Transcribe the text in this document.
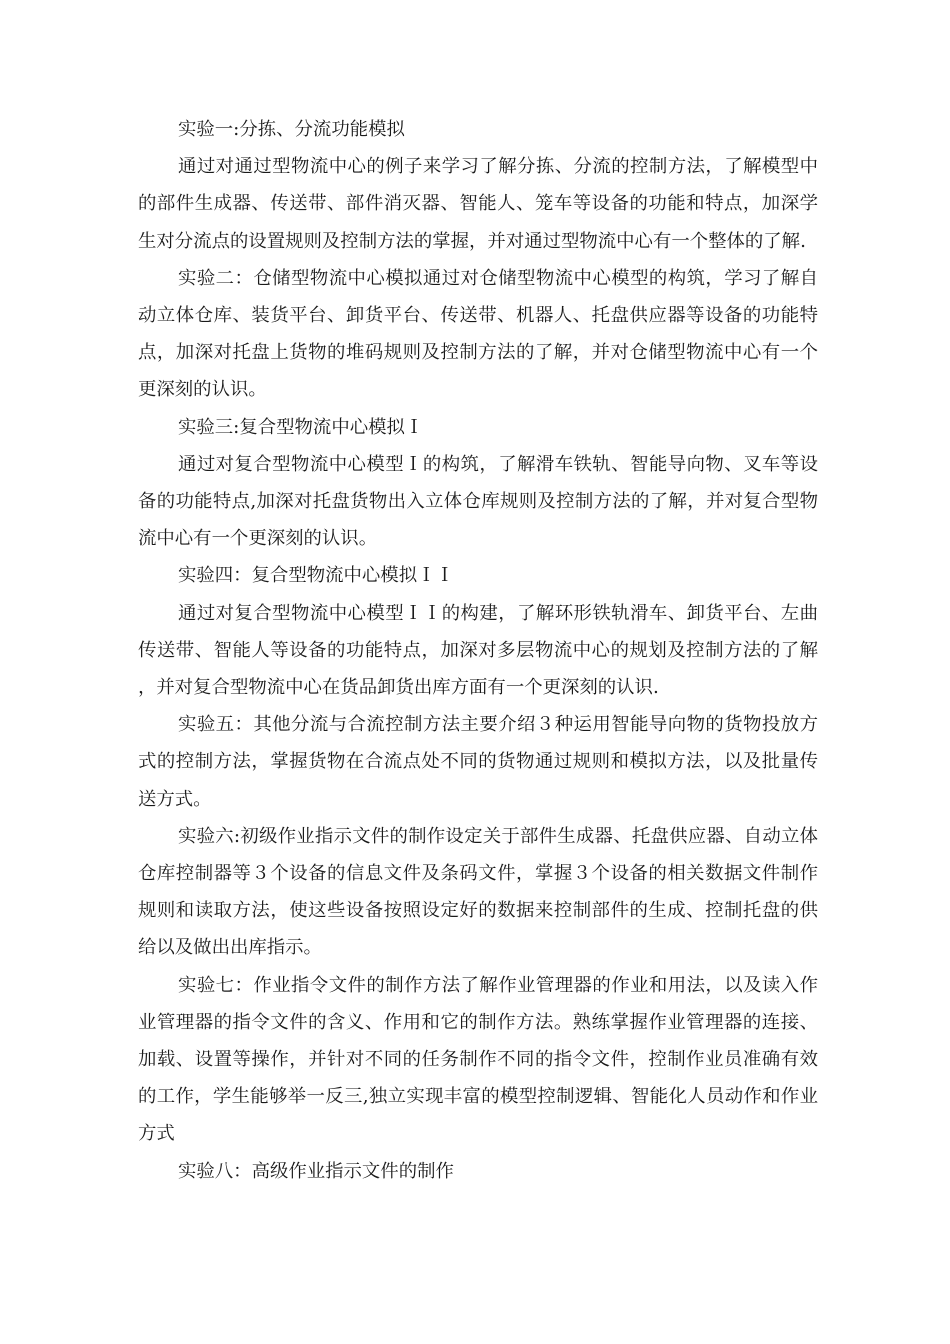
实验一:分拣、分流功能模拟

通过对通过型物流中心的例子来学习了解分拣、分流的控制方法，了解模型中的部件生成器、传送带、部件消灭器、智能人、笼车等设备的功能和特点，加深学生对分流点的设置规则及控制方法的掌握，并对通过型物流中心有一个整体的了解.

实验二：仓储型物流中心模拟通过对仓储型物流中心模型的构筑，学习了解自动立体仓库、装货平台、卸货平台、传送带、机器人、托盘供应器等设备的功能特点，加深对托盘上货物的堆码规则及控制方法的了解，并对仓储型物流中心有一个更深刻的认识。

实验三:复合型物流中心模拟Ｉ

通过对复合型物流中心模型Ｉ的构筑，了解滑车铁轨、智能导向物、叉车等设备的功能特点,加深对托盘货物出入立体仓库规则及控制方法的了解，并对复合型物流中心有一个更深刻的认识。

实验四：复合型物流中心模拟ＩＩ

通过对复合型物流中心模型ＩＩ的构建，了解环形铁轨滑车、卸货平台、左曲传送带、智能人等设备的功能特点，加深对多层物流中心的规划及控制方法的了解，并对复合型物流中心在货品卸货出库方面有一个更深刻的认识.

实验五：其他分流与合流控制方法主要介绍３种运用智能导向物的货物投放方式的控制方法，掌握货物在合流点处不同的货物通过规则和模拟方法，以及批量传送方式。

实验六:初级作业指示文件的制作设定关于部件生成器、托盘供应器、自动立体仓库控制器等３个设备的信息文件及条码文件，掌握３个设备的相关数据文件制作规则和读取方法，使这些设备按照设定好的数据来控制部件的生成、控制托盘的供给以及做出出库指示。

实验七：作业指令文件的制作方法了解作业管理器的作业和用法，以及读入作业管理器的指令文件的含义、作用和它的制作方法。熟练掌握作业管理器的连接、加载、设置等操作，并针对不同的任务制作不同的指令文件，控制作业员准确有效的工作，学生能够举一反三,独立实现丰富的模型控制逻辑、智能化人员动作和作业方式

实验八：高级作业指示文件的制作
